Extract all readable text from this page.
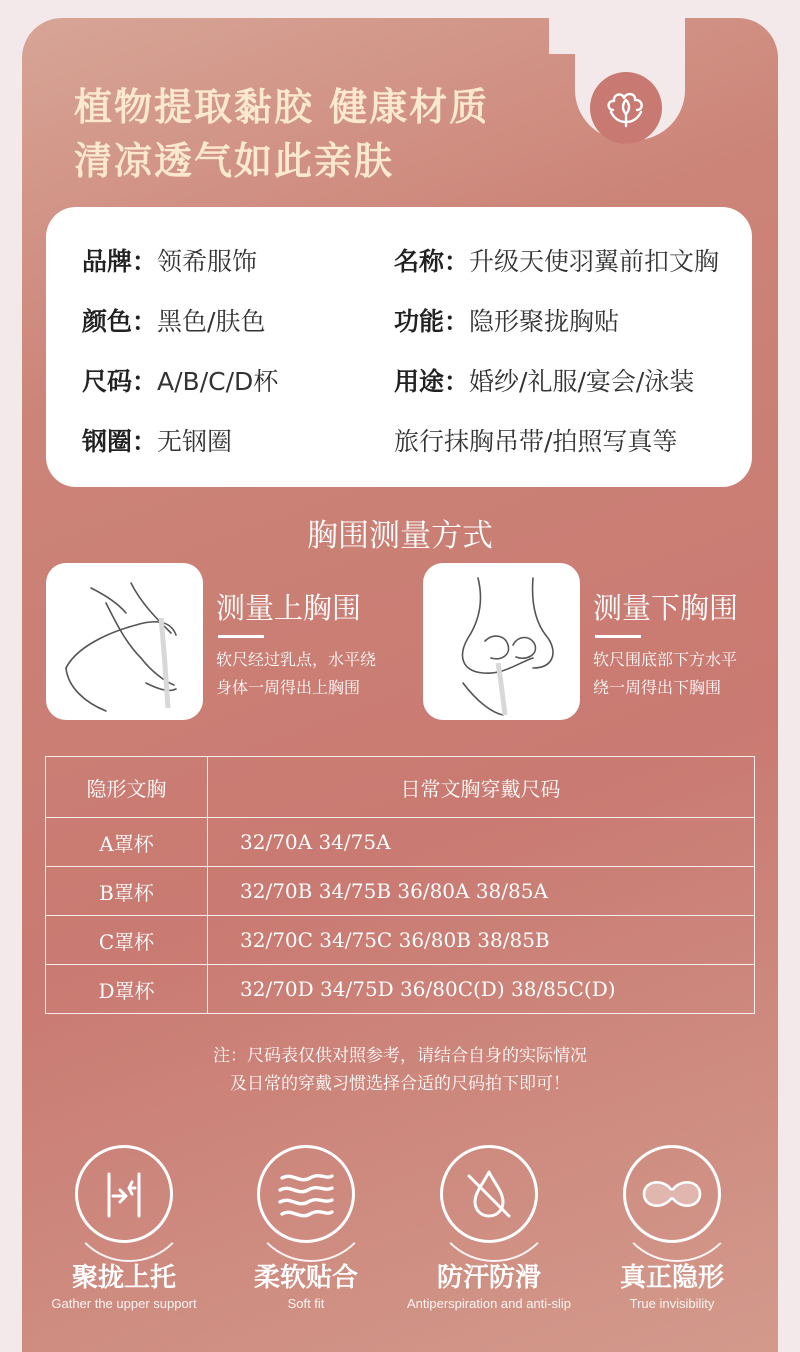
植物提取黏胶 健康材质
清凉透气如此亲肤
品牌：领希服饰	名称：升级天使羽翼前扣文胸
颜色：黑色/肤色	功能：隐形聚拢胸贴
尺码：A/B/C/D杯	用途：婚纱/礼服/宴会/泳装
钢圈：无钢圈	旅行抹胸吊带/拍照写真等
胸围测量方式
测量上胸围
软尺经过乳点，水平绕
身体一周得出上胸围
测量下胸围
软尺围底部下方水平
绕一周得出下胸围
隐形文胸	日常文胸穿戴尺码
A罩杯	32/70A 34/75A
B罩杯	32/70B 34/75B 36/80A 38/85A
C罩杯	32/70C 34/75C 36/80B 38/85B
D罩杯	32/70D 34/75D 36/80C(D) 38/85C(D)
注：尺码表仅供对照参考，请结合自身的实际情况
及日常的穿戴习惯选择合适的尺码拍下即可！
聚拢上托
Gather the upper support
柔软贴合
Soft fit
防汗防滑
Antiperspiration and anti-slip
真正隐形
True invisibility
